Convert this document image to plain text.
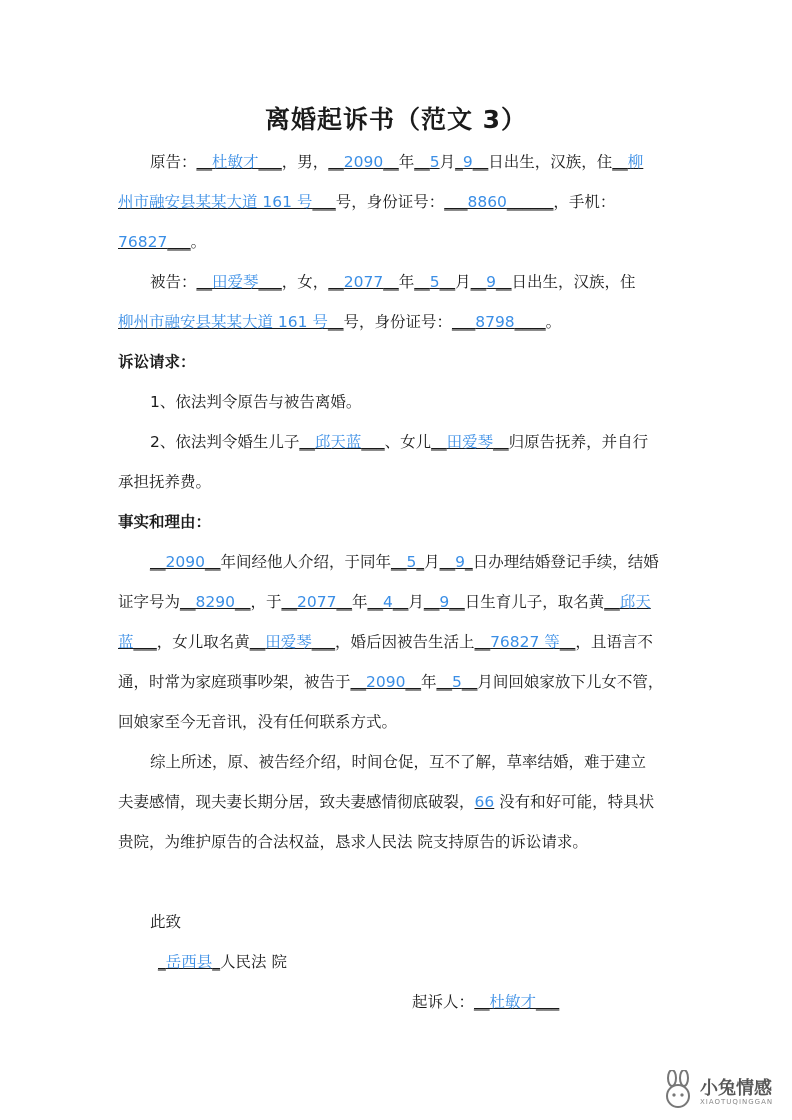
离婚起诉书（范文 3）
原告：__杜敏才___，男，__2090__年__5月_9__日出生，汉族，住__柳
州市融安县某某大道 161 号___号，身份证号：___8860______，手机：
76827___。
被告：__田爱琴___，女，__2077__年__5__月__9__日出生，汉族，住
柳州市融安县某某大道 161 号__号，身份证号：___8798____。
诉讼请求：
1、依法判令原告与被告离婚。
2、依法判令婚生儿子__邱天蓝___、女儿__田爱琴__归原告抚养，并自行
承担抚养费。
事实和理由：
__2090__年间经他人介绍，于同年__5_月__9_日办理结婚登记手续，结婚
证字号为__8290__，于__2077__年__4__月__9__日生育儿子，取名黄__邱天
蓝___，女儿取名黄__田爱琴___，婚后因被告生活上__76827 等__，且语言不
通，时常为家庭琐事吵架，被告于__2090__年__5__月间回娘家放下儿女不管，
回娘家至今无音讯，没有任何联系方式。
综上所述，原、被告经介绍，时间仓促，互不了解，草率结婚，难于建立
夫妻感情，现夫妻长期分居，致夫妻感情彻底破裂，66 没有和好可能，特具状
贵院，为维护原告的合法权益，恳求人民法 院支持原告的诉讼请求。
此致
_岳西县_人民法 院
起诉人：__杜敏才___
小兔情感
XIAOTUQINGGAN
